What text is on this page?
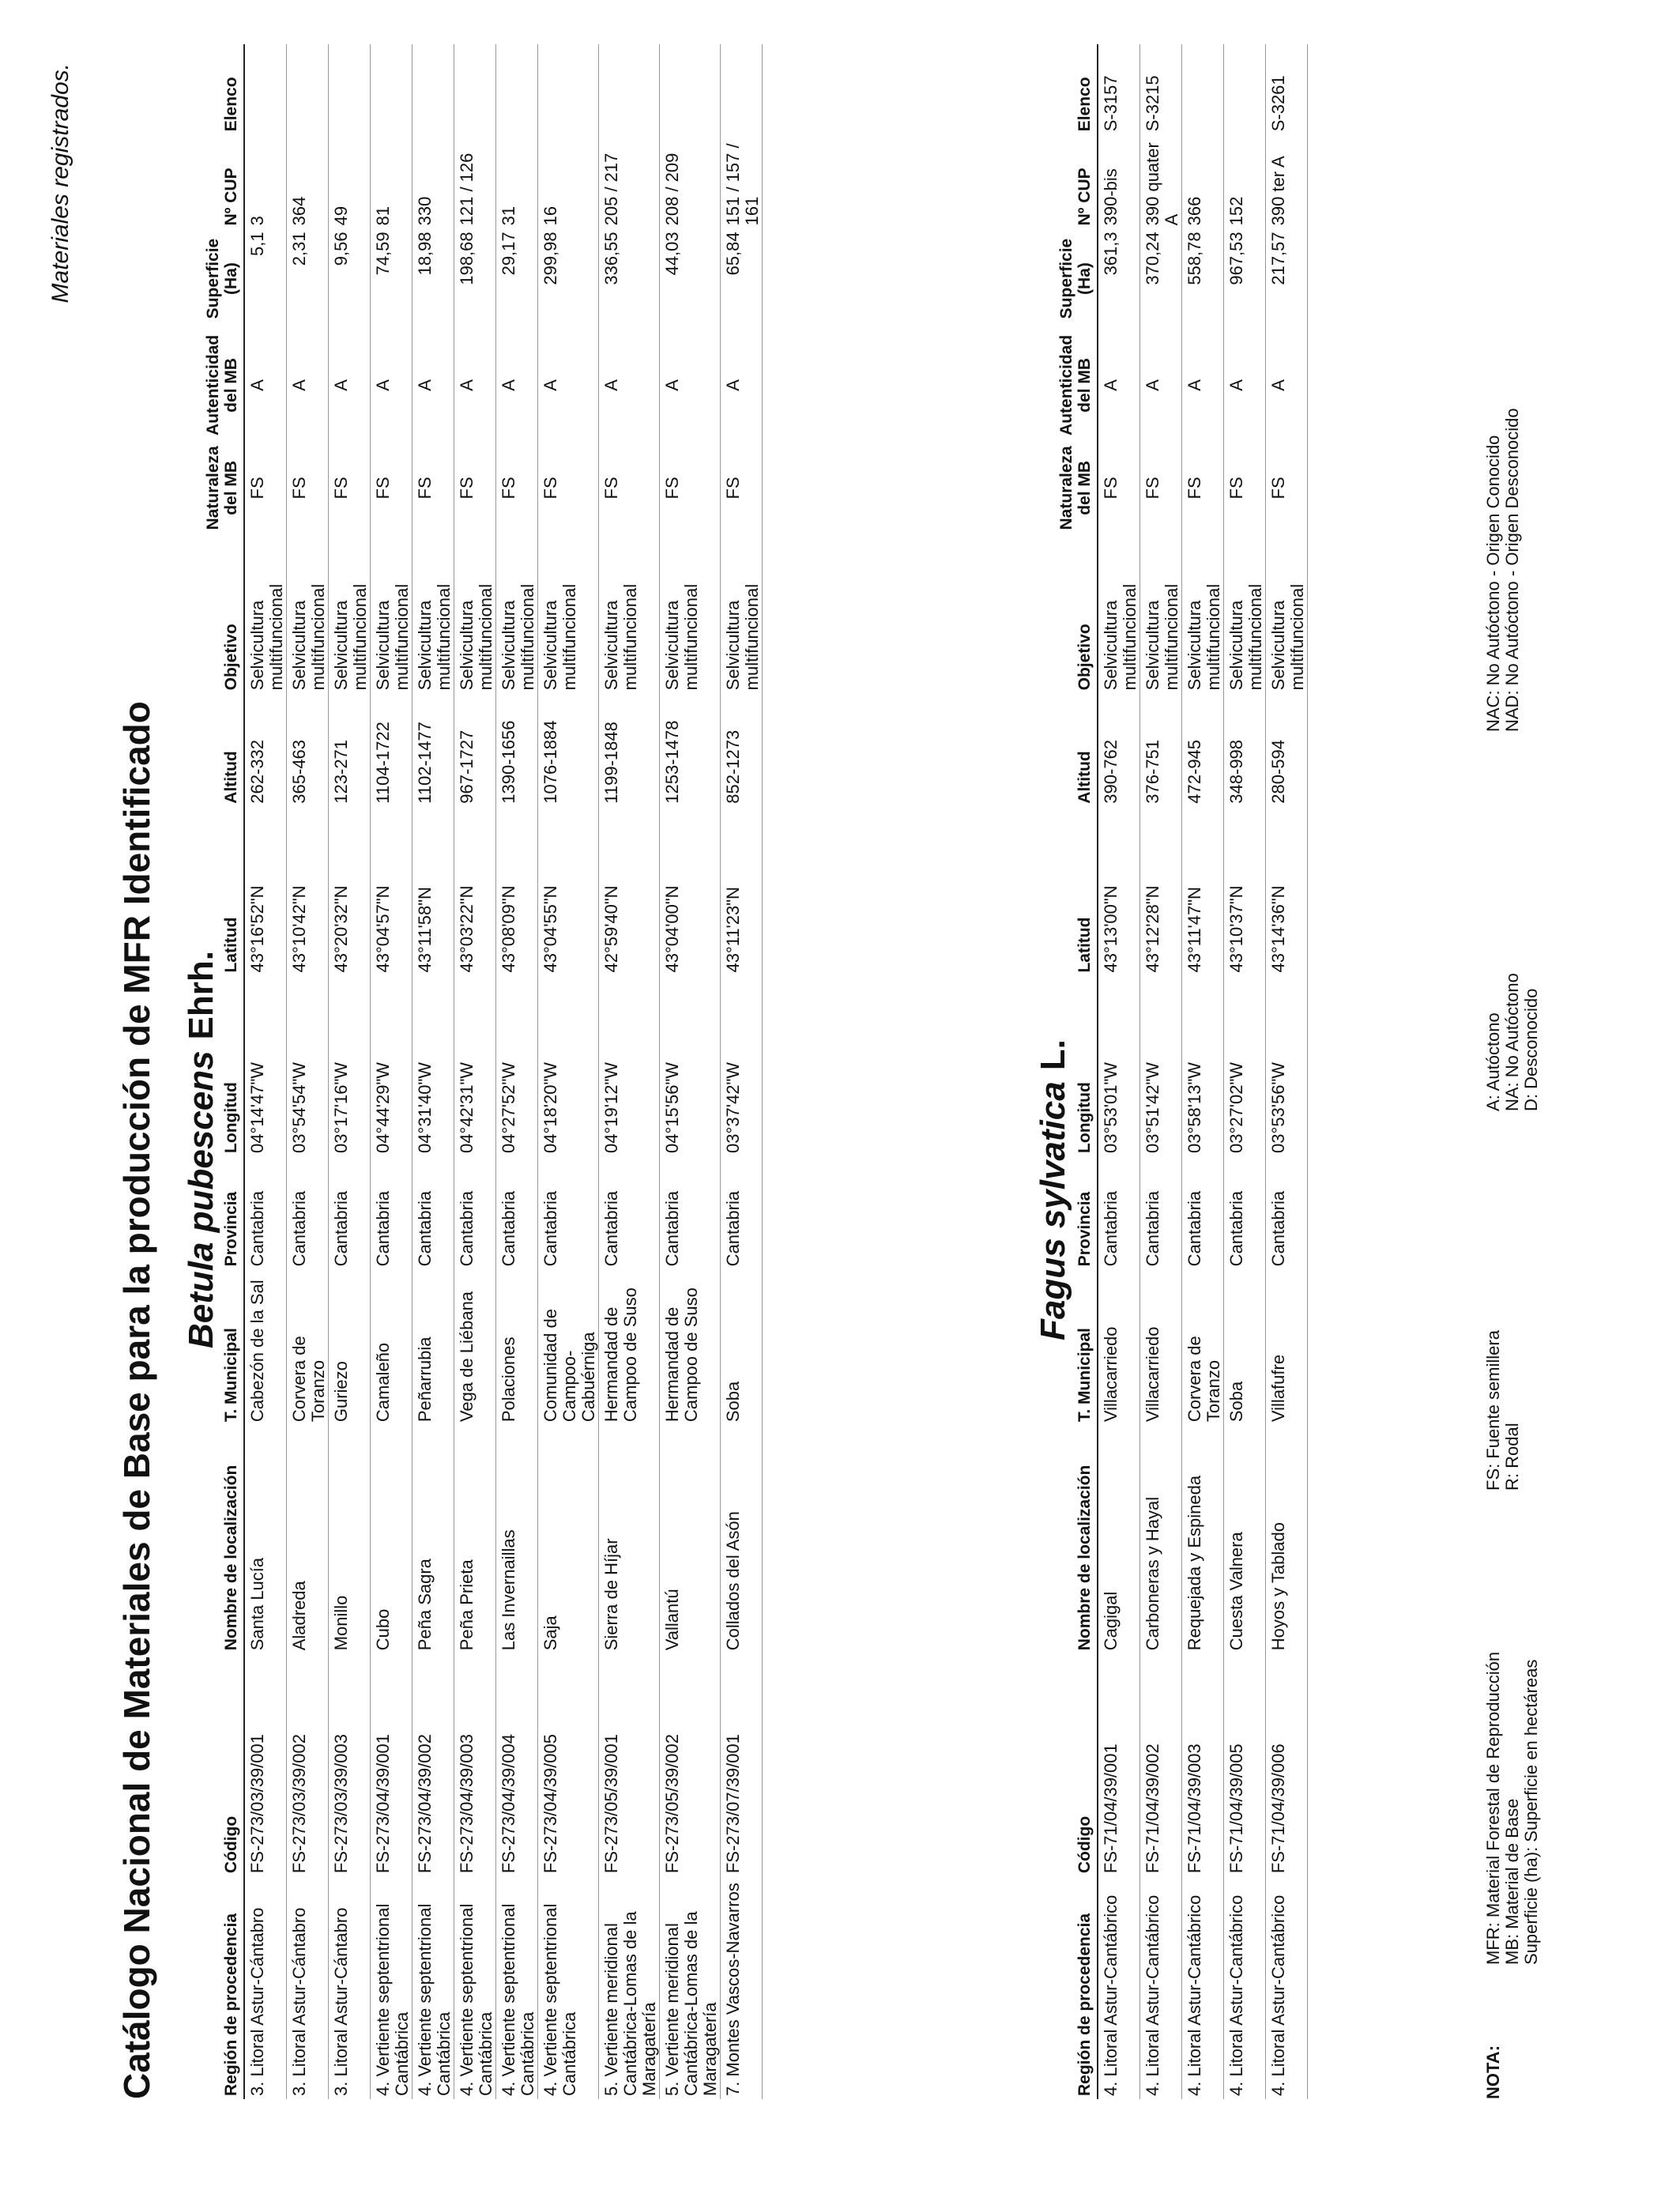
Catálogo Nacional de Materiales de Base para la producción de MFR Identificado
Materiales registrados.
Betula pubescensEhrh.
Región de procedencia	Código	Nombre de localización	T. Municipal	Provincia	Longitud	Latitud	Altitud	Objetivo	Naturaleza del MB	Autenticidad del MB	Superficie (Ha)	Nº CUP	Elenco
3. Litoral Astur-Cántabro	FS-273/03/39/001	Santa Lucía	Cabezón de la Sal	Cantabria	04°14'47"W	43°16'52"N	262-332	Selvicultura multifuncional	FS	A	5,1	3	
3. Litoral Astur-Cántabro	FS-273/03/39/002	Aladreda	Corvera de Toranzo	Cantabria	03°54'54"W	43°10'42"N	365-463	Selvicultura multifuncional	FS	A	2,31	364	
3. Litoral Astur-Cántabro	FS-273/03/39/003	Monillo	Guriezo	Cantabria	03°17'16"W	43°20'32"N	123-271	Selvicultura multifuncional	FS	A	9,56	49	
4. Vertiente septentrional Cantábrica	FS-273/04/39/001	Cubo	Camaleño	Cantabria	04°44'29"W	43°04'57"N	1104-1722	Selvicultura multifuncional	FS	A	74,59	81	
4. Vertiente septentrional Cantábrica	FS-273/04/39/002	Peña Sagra	Peñarrubia	Cantabria	04°31'40"W	43°11'58"N	1102-1477	Selvicultura multifuncional	FS	A	18,98	330	
4. Vertiente septentrional Cantábrica	FS-273/04/39/003	Peña Prieta	Vega de Liébana	Cantabria	04°42'31"W	43°03'22"N	967-1727	Selvicultura multifuncional	FS	A	198,68	121 / 126	
4. Vertiente septentrional Cantábrica	FS-273/04/39/004	Las Invernaillas	Polaciones	Cantabria	04°27'52"W	43°08'09"N	1390-1656	Selvicultura multifuncional	FS	A	29,17	31	
4. Vertiente septentrional Cantábrica	FS-273/04/39/005	Saja	Comunidad de Campoo-Cabuérniga	Cantabria	04°18'20"W	43°04'55"N	1076-1884	Selvicultura multifuncional	FS	A	299,98	16	
5. Vertiente meridional Cantábrica-Lomas de la Maragatería	FS-273/05/39/001	Sierra de Híjar	Hermandad de Campoo de Suso	Cantabria	04°19'12"W	42°59'40"N	1199-1848	Selvicultura multifuncional	FS	A	336,55	205 / 217	
5. Vertiente meridional Cantábrica-Lomas de la Maragatería	FS-273/05/39/002	Vallantú	Hermandad de Campoo de Suso	Cantabria	04°15'56"W	43°04'00"N	1253-1478	Selvicultura multifuncional	FS	A	44,03	208 / 209	
7. Montes Vascos-Navarros	FS-273/07/39/001	Collados del Asón	Soba	Cantabria	03°37'42"W	43°11'23"N	852-1273	Selvicultura multifuncional	FS	A	65,84	151 / 157 / 161	
Fagus sylvaticaL.
Región de procedencia	Código	Nombre de localización	T. Municipal	Provincia	Longitud	Latitud	Altitud	Objetivo	Naturaleza del MB	Autenticidad del MB	Superficie (Ha)	Nº CUP	Elenco
4. Litoral Astur-Cantábrico	FS-71/04/39/001	Cagigal	Villacarriedo	Cantabria	03°53'01"W	43°13'00"N	390-762	Selvicultura multifuncional	FS	A	361,3	390-bis	S-3157
4. Litoral Astur-Cantábrico	FS-71/04/39/002	Carboneras y Hayal	Villacarriedo	Cantabria	03°51'42"W	43°12'28"N	376-751	Selvicultura multifuncional	FS	A	370,24	390 quater A	S-3215
4. Litoral Astur-Cantábrico	FS-71/04/39/003	Requejada y Espineda	Corvera de Toranzo	Cantabria	03°58'13"W	43°11'47"N	472-945	Selvicultura multifuncional	FS	A	558,78	366	
4. Litoral Astur-Cantábrico	FS-71/04/39/005	Cuesta Valnera	Soba	Cantabria	03°27'02"W	43°10'37"N	348-998	Selvicultura multifuncional	FS	A	967,53	152	
4. Litoral Astur-Cantábrico	FS-71/04/39/006	Hoyos y Tablado	Villafufre	Cantabria	03°53'56"W	43°14'36"N	280-594	Selvicultura multifuncional	FS	A	217,57	390 ter A	S-3261
NOTA:
MFR: Material Forestal de Reproducción MB: Material de Base Superficie (ha): Superficie en hectáreas
FS: Fuente semillera R: Rodal
A: Autóctono NA: No Autóctono D: Desconocido
NAC: No Autóctono - Origen Conocido NAD: No Autóctono - Origen Desconocido
